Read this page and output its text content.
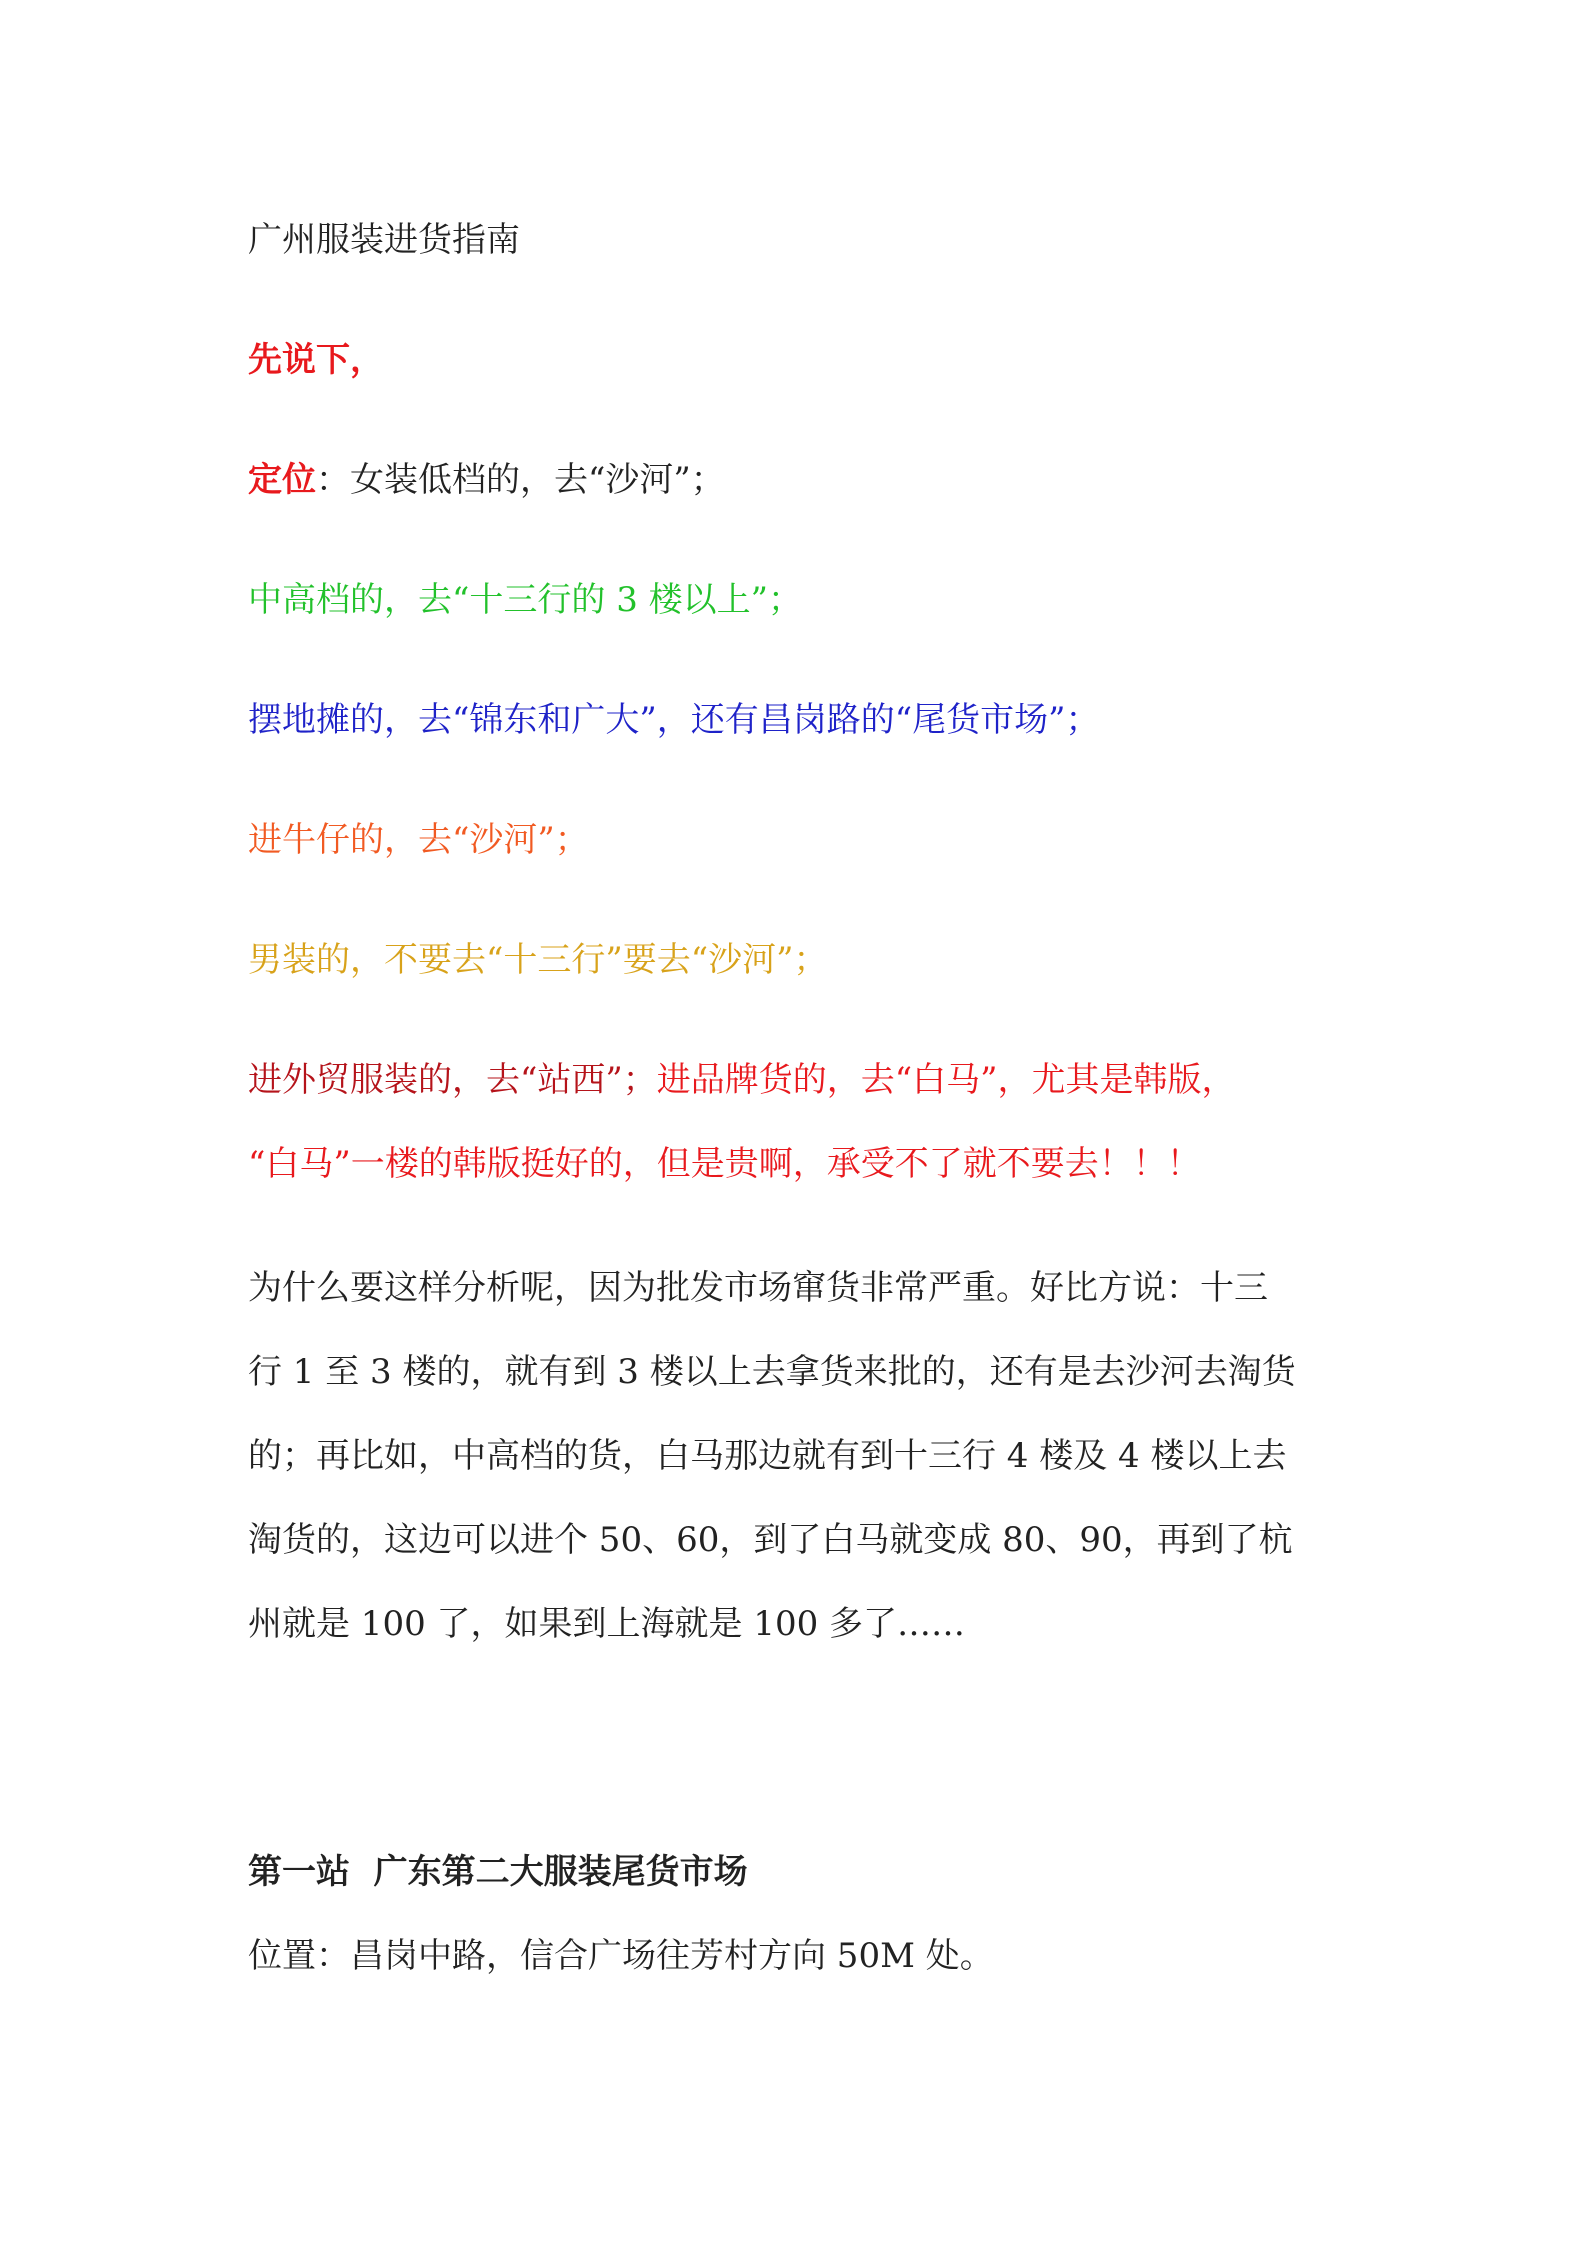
广州服装进货指南
先说下，
定位：女装低档的，去“沙河”；
中高档的，去“十三行的 3 楼以上”；
摆地摊的，去“锦东和广大”，还有昌岗路的“尾货市场”；
进牛仔的，去“沙河”；
男装的，不要去“十三行”要去“沙河”；
进外贸服装的，去“站西”；进品牌货的，去“白马”，尤其是韩版，
“白马”一楼的韩版挺好的，但是贵啊，承受不了就不要去！！！
为什么要这样分析呢，因为批发市场窜货非常严重。好比方说：十三
行 1 至 3 楼的，就有到 3 楼以上去拿货来批的，还有是去沙河去淘货
的；再比如，中高档的货，白马那边就有到十三行 4 楼及 4 楼以上去
淘货的，这边可以进个 50、60，到了白马就变成 80、90，再到了杭
州就是 100 了，如果到上海就是 100 多了……
第一站  广东第二大服装尾货市场
位置：昌岗中路，信合广场往芳村方向 50M 处。
